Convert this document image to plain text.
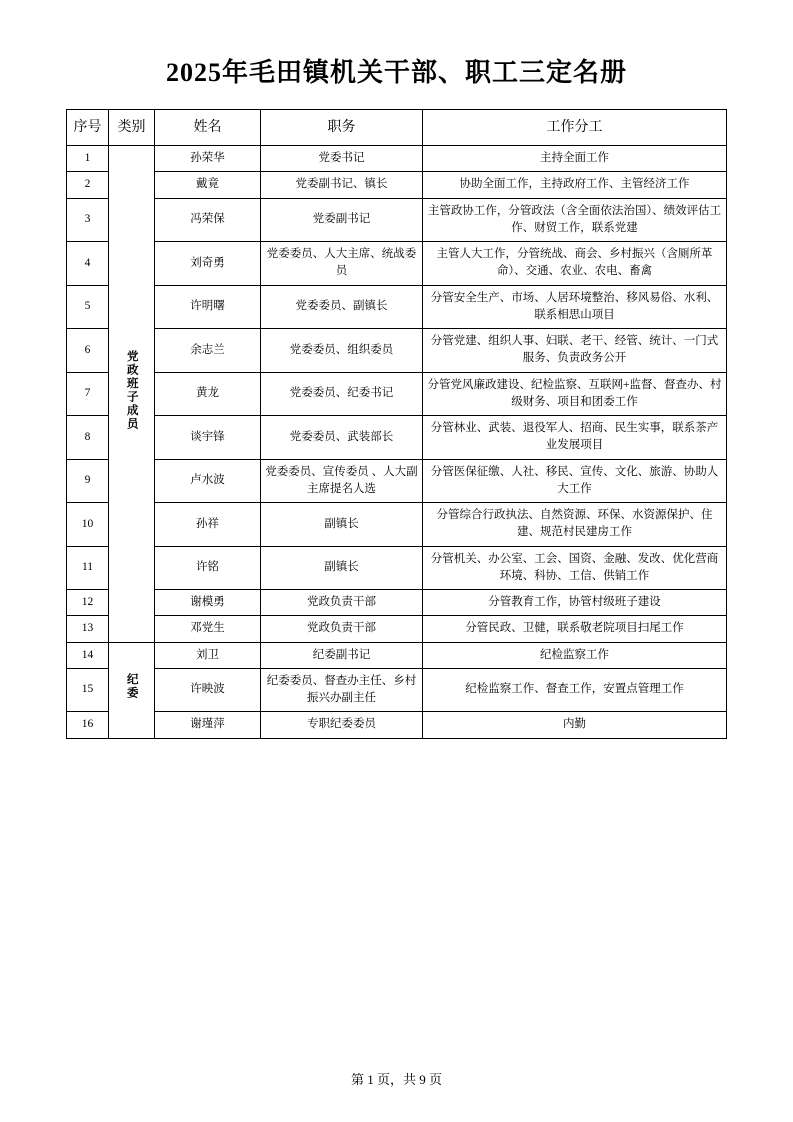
2025年毛田镇机关干部、职工三定名册
序号	类别	姓名	职务	工作分工
1	党政班子成员	孙荣华	党委书记	主持全面工作
2		戴竟	党委副书记、镇长	协助全面工作，主持政府工作、主管经济工作
3		冯荣保	党委副书记	主管政协工作，分管政法（含全面依法治国）、绩效评估工作、财贸工作，联系党建
4		刘奇勇	党委委员、人大主席、统战委员	主管人大工作，分管统战、商会、乡村振兴（含厕所革命）、交通、农业、农电、畜禽
5		许明曙	党委委员、副镇长	分管安全生产、市场、人居环境整治、移风易俗、水利、联系相思山项目
6		余志兰	党委委员、组织委员	分管党建、组织人事、妇联、老干、经管、统计、一门式服务、负责政务公开
7		黄龙	党委委员、纪委书记	分管党风廉政建设、纪检监察、互联网+监督、督查办、村级财务、项目和团委工作
8		谈宇锋	党委委员、武装部长	分管林业、武装、退役军人、招商、民生实事，联系茶产业发展项目
9		卢水波	党委委员、宣传委员 、人大副主席提名人选	分管医保征缴、人社、移民、宣传、文化、旅游、协助人大工作
10		孙祥	副镇长	分管综合行政执法、自然资源、环保、水资源保护、住建、规范村民建房工作
11		许铭	副镇长	分管机关、办公室、工会、国资、金融、发改、优化营商环境、科协、工信、供销工作
12		谢模勇	党政负责干部	分管教育工作，协管村级班子建设
13		邓党生	党政负责干部	分管民政、卫健，联系敬老院项目扫尾工作
14	纪委	刘卫	纪委副书记	纪检监察工作
15		许映波	纪委委员、督查办主任、乡村振兴办副主任	纪检监察工作、督查工作，安置点管理工作
16		谢瑾萍	专职纪委委员	内勤
第 1 页，共 9 页
